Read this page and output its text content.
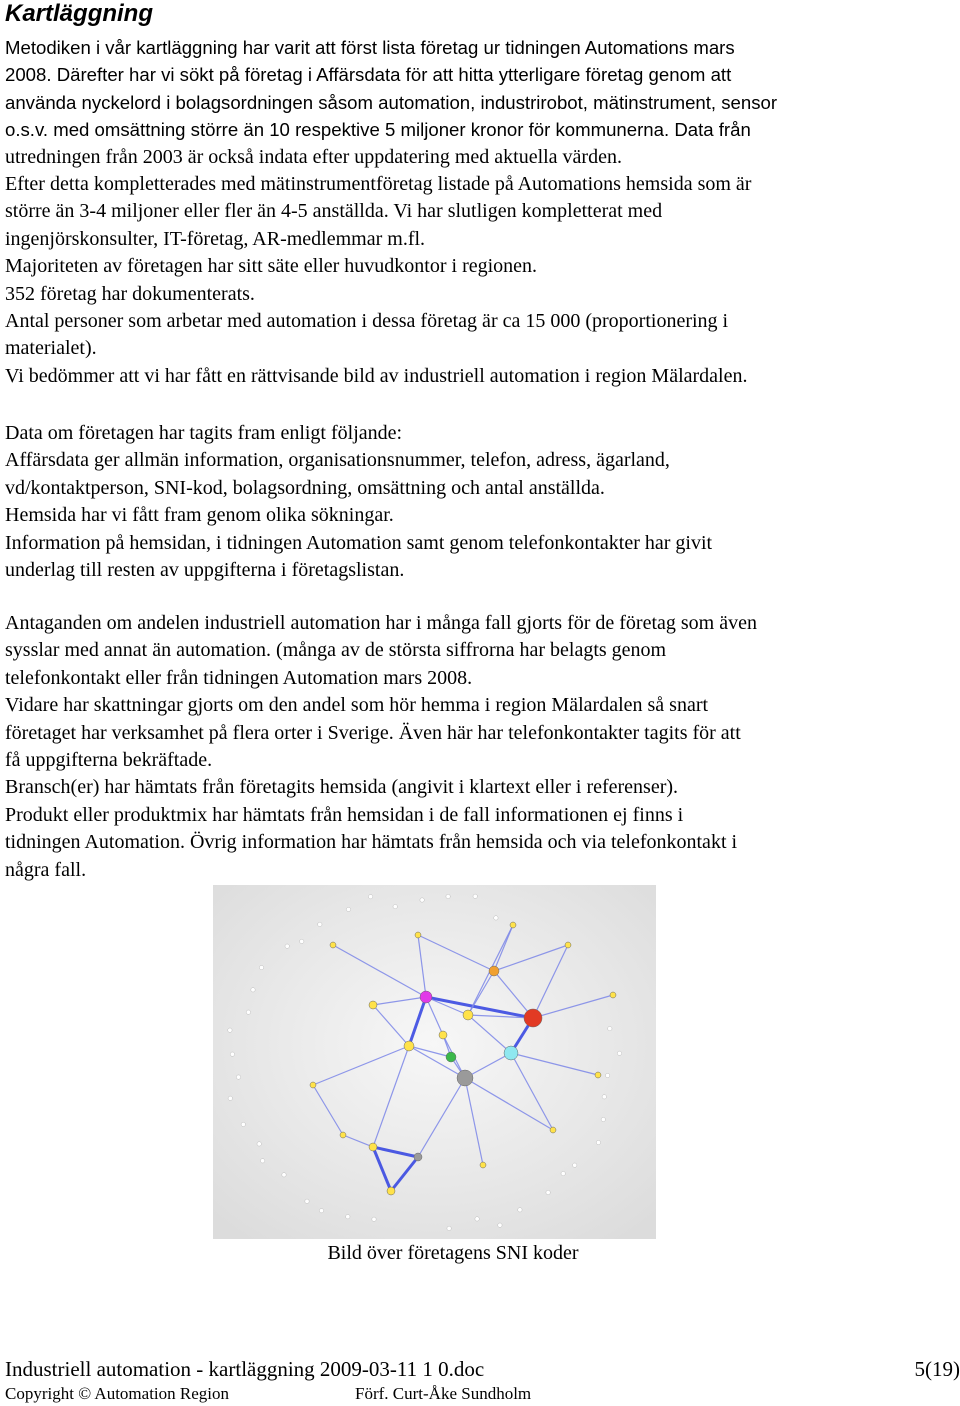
Kartläggning
Metodiken i vår kartläggning har varit att först lista företag ur tidningen Automations mars
2008. Därefter har vi sökt på företag i Affärsdata för att hitta ytterligare företag genom att
använda nyckelord i bolagsordningen såsom automation, industrirobot, mätinstrument, sensor
o.s.v. med omsättning större än 10 respektive 5 miljoner kronor för kommunerna. Data från
utredningen från 2003 är också indata efter uppdatering med aktuella värden.
Efter detta kompletterades med mätinstrumentföretag listade på Automations hemsida som är
större än 3-4 miljoner eller fler än 4-5 anställda. Vi har slutligen kompletterat med
ingenjörskonsulter, IT-företag, AR-medlemmar m.fl.
Majoriteten av företagen har sitt säte eller huvudkontor i regionen.
352 företag har dokumenterats.
Antal personer som arbetar med automation i dessa företag är ca 15 000 (proportionering i
materialet).
Vi bedömmer att vi har fått en rättvisande bild av industriell automation i region Mälardalen.
Data om företagen har tagits fram enligt följande:
Affärsdata ger allmän information, organisationsnummer, telefon, adress, ägarland,
vd/kontaktperson, SNI-kod, bolagsordning, omsättning och antal anställda.
Hemsida har vi fått fram genom olika sökningar.
Information på hemsidan, i tidningen Automation samt genom telefonkontakter har givit
underlag till resten av uppgifterna i företagslistan.
Antaganden om andelen industriell automation har i många fall gjorts för de företag som även
sysslar med annat än automation. (många av de största siffrorna har belagts genom
telefonkontakt eller från tidningen Automation mars 2008.
Vidare har skattningar gjorts om den andel som hör hemma i region Mälardalen så snart
företaget har verksamhet på flera orter i Sverige. Även här har telefonkontakter tagits för att
få uppgifterna bekräftade.
Bransch(er) har hämtats från företagits hemsida (angivit i klartext eller i referenser).
Produkt eller produktmix har hämtats från hemsidan i de fall informationen ej finns i
tidningen Automation. Övrig information har hämtats från hemsida och via telefonkontakt i
några fall.

Bild över företagens SNI koder

Industriell automation - kartläggning 2009-03-11 1 0.doc	5(19)

Copyright © Automation Region	Förf. Curt-Åke Sundholm
